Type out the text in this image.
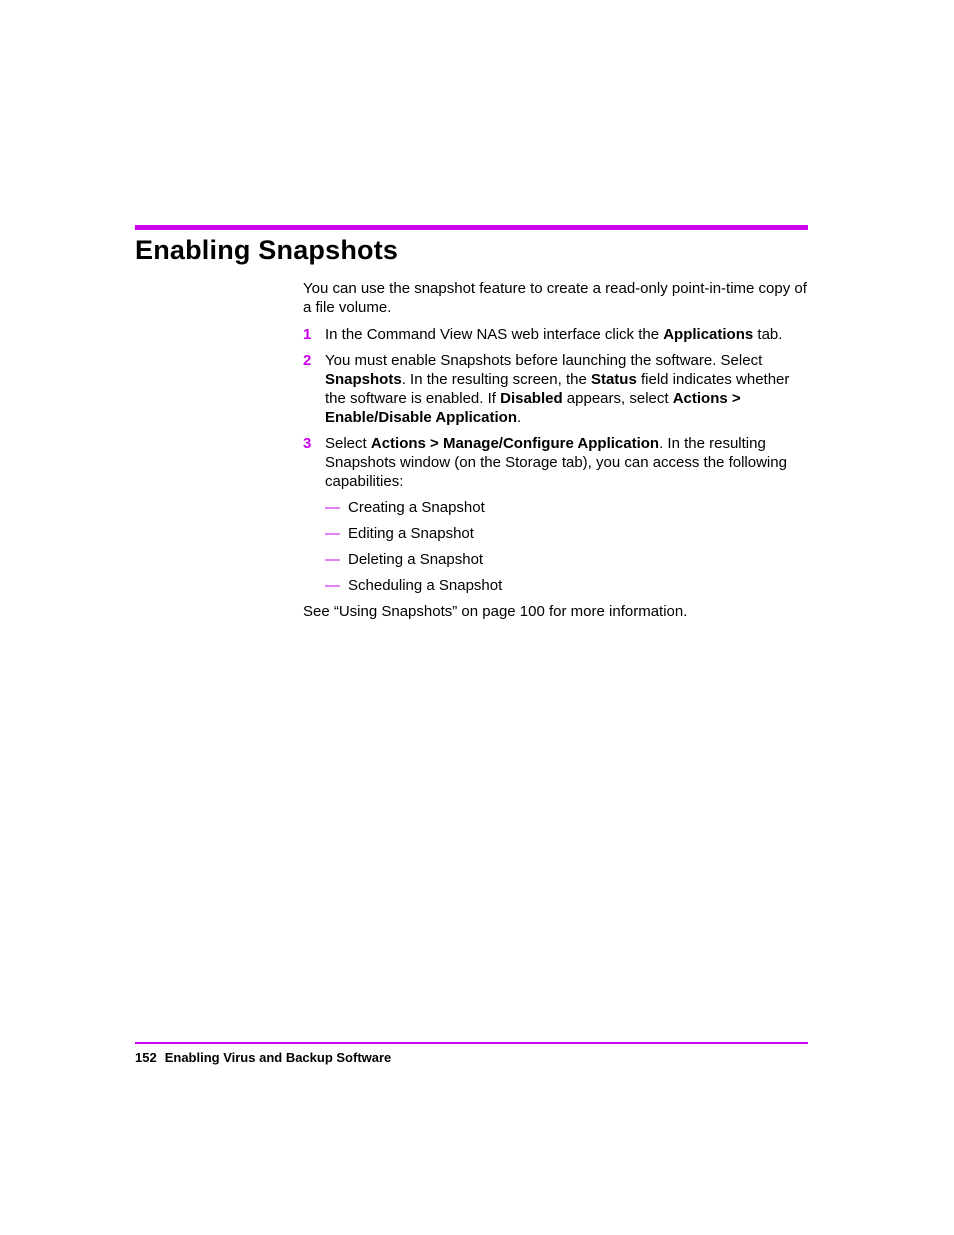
Enabling Snapshots

You can use the snapshot feature to create a read-only point-in-time copy of a file volume.

1 In the Command View NAS web interface click the Applications tab.
2 You must enable Snapshots before launching the software. Select Snapshots. In the resulting screen, the Status field indicates whether the software is enabled. If Disabled appears, select Actions > Enable/Disable Application.
3 Select Actions > Manage/Configure Application. In the resulting Snapshots window (on the Storage tab), you can access the following capabilities:
— Creating a Snapshot
— Editing a Snapshot
— Deleting a Snapshot
— Scheduling a Snapshot

See “Using Snapshots” on page 100 for more information.

152 Enabling Virus and Backup Software
